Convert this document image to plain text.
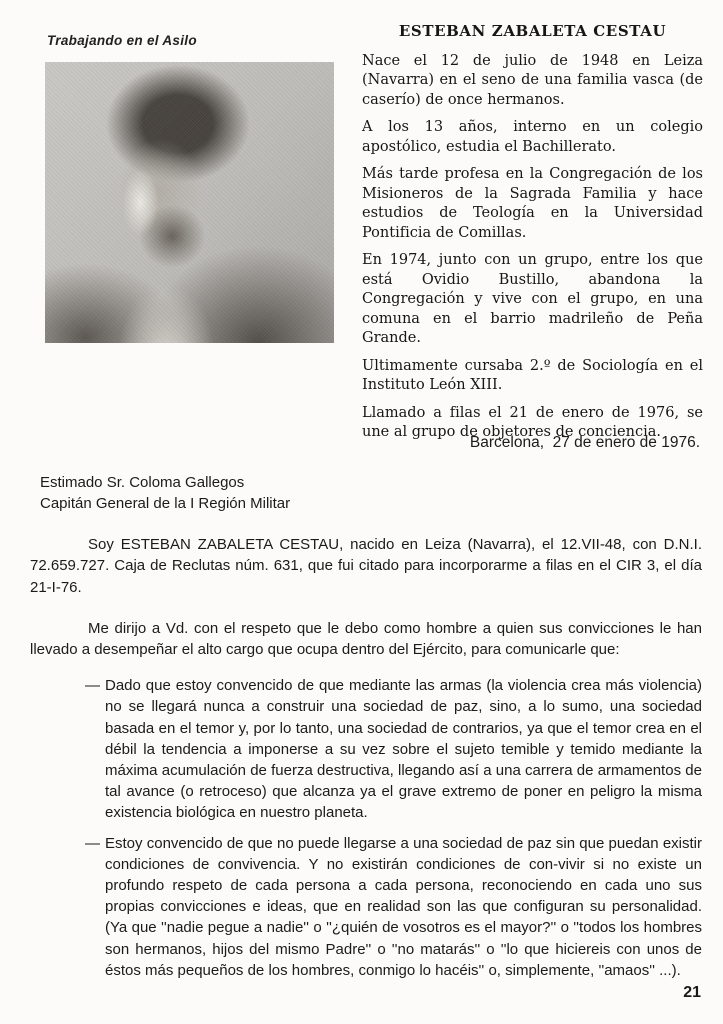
Trabajando en el Asilo
ESTEBAN ZABALETA CESTAU

Nace el 12 de julio de 1948 en Leiza (Navarra) en el seno de una familia vasca (de caserío) de once hermanos.

A los 13 años, interno en un colegio apostólico, estudia el Bachillerato.

Más tarde profesa en la Congregación de los Misioneros de la Sagrada Familia y hace estudios de Teología en la Universidad Pontificia de Comillas.

En 1974, junto con un grupo, entre los que está Ovidio Bustillo, abandona la Congregación y vive con el grupo, en una comuna en el barrio madrileño de Peña Grande.

Ultimamente cursaba 2.º de Sociología en el Instituto León XIII.

Llamado a filas el 21 de enero de 1976, se une al grupo de objetores de conciencia.

Barcelona,  27 de enero de 1976.
Estimado Sr. Coloma Gallegos
Capitán General de la I Región Militar

Soy ESTEBAN ZABALETA CESTAU, nacido en Leiza (Navarra), el 12.VII-48, con D.N.I. 72.659.727. Caja de Reclutas núm. 631, que fui citado para incorporarme a filas en el CIR 3, el día 21-I-76.

Me dirijo a Vd. con el respeto que le debo como hombre a quien sus convicciones le han llevado a desempeñar el alto cargo que ocupa dentro del Ejército, para comunicarle que:

— Dado que estoy convencido de que mediante las armas (la violencia crea más violencia) no se llegará nunca a construir una sociedad de paz, sino, a lo sumo, una sociedad basada en el temor y, por lo tanto, una sociedad de contrarios, ya que el temor crea en el débil la tendencia a imponerse a su vez sobre el sujeto temible y temido mediante la máxima acumulación de fuerza destructiva, llegando así a una carrera de armamentos de tal avance (o retroceso) que alcanza ya el grave extremo de poner en peligro la misma existencia biológica en nuestro planeta.
— Estoy convencido de que no puede llegarse a una sociedad de paz sin que puedan existir condiciones de convivencia. Y no existirán condiciones de con-vivir si no existe un profundo respeto de cada persona a cada persona, reconociendo en cada uno sus propias convicciones e ideas, que en realidad son las que configuran su personalidad. (Ya que ''nadie pegue a nadie'' o ''¿quién de vosotros es el mayor?'' o ''todos los hombres son hermanos, hijos del mismo Padre'' o ''no matarás'' o ''lo que hiciereis con unos de éstos más pequeños de los hombres, conmigo lo hacéis'' o, simplemente, ''amaos'' ...).
21
